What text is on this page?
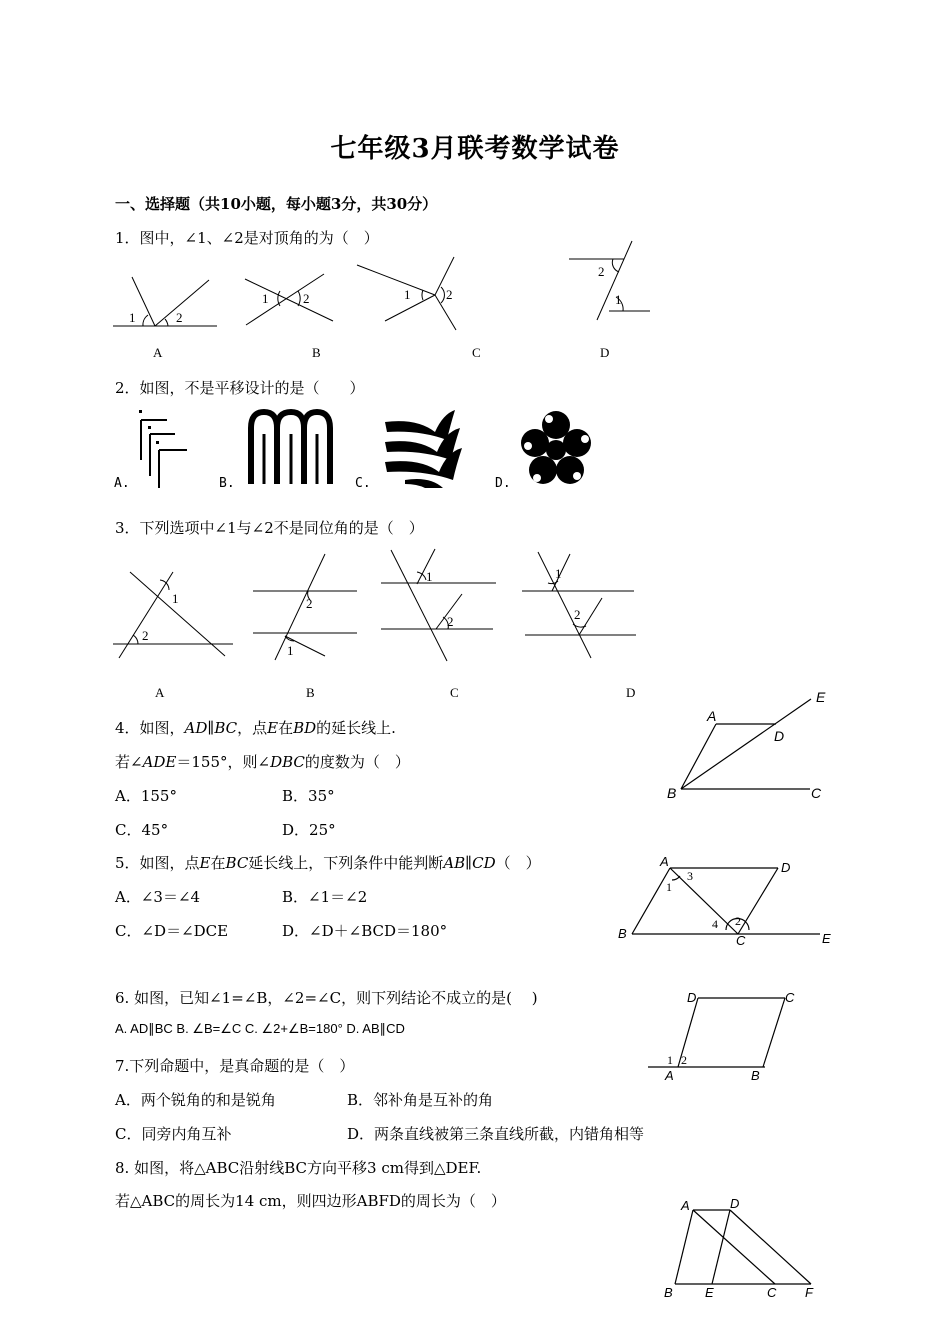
七年级3月联考数学试卷
一、选择题（共10小题，每小题3分，共30分）
1．图中，∠1、∠2是对顶角的为（　）
1	2
1	2	1	2
2
1
A	B	C	D
2．如图，不是平移设计的是（　　）
A.	B.	C.	D.
3．下列选项中∠1与∠2不是同位角的是（　）
1
2
2
1
1
2
1
2
A	B	C	D
4．如图，AD∥BC，点E在BD的延长线上.
若∠ADE＝155°，则∠DBC的度数为（　）
A．155°	B．35°
C．45°	D．25°
A
B	C
D
E
5．如图，点E在BC延长线上，下列条件中能判断AB∥CD（　）
A．∠3＝∠4	B．∠1＝∠2
C．∠D＝∠DCE	D．∠D＋∠BCD＝180°
A
B	C
D
E
1
2
3
4
6. 如图，已知∠1=∠B，∠2=∠C，则下列结论不成立的是(　 )
A. AD∥BC B. ∠B=∠C C. ∠2+∠B=180° D. AB∥CD
D	C
A	B
1 2
7.下列命题中，是真命题的是（　）
A．两个锐角的和是锐角	B．邻补角是互补的角
C．同旁内角互补	D．两条直线被第三条直线所截，内错角相等
8. 如图，将△ABC沿射线BC方向平移3 cm得到△DEF.
若△ABC的周长为14 cm，则四边形ABFD的周长为（　）	A	D
B E	C F
